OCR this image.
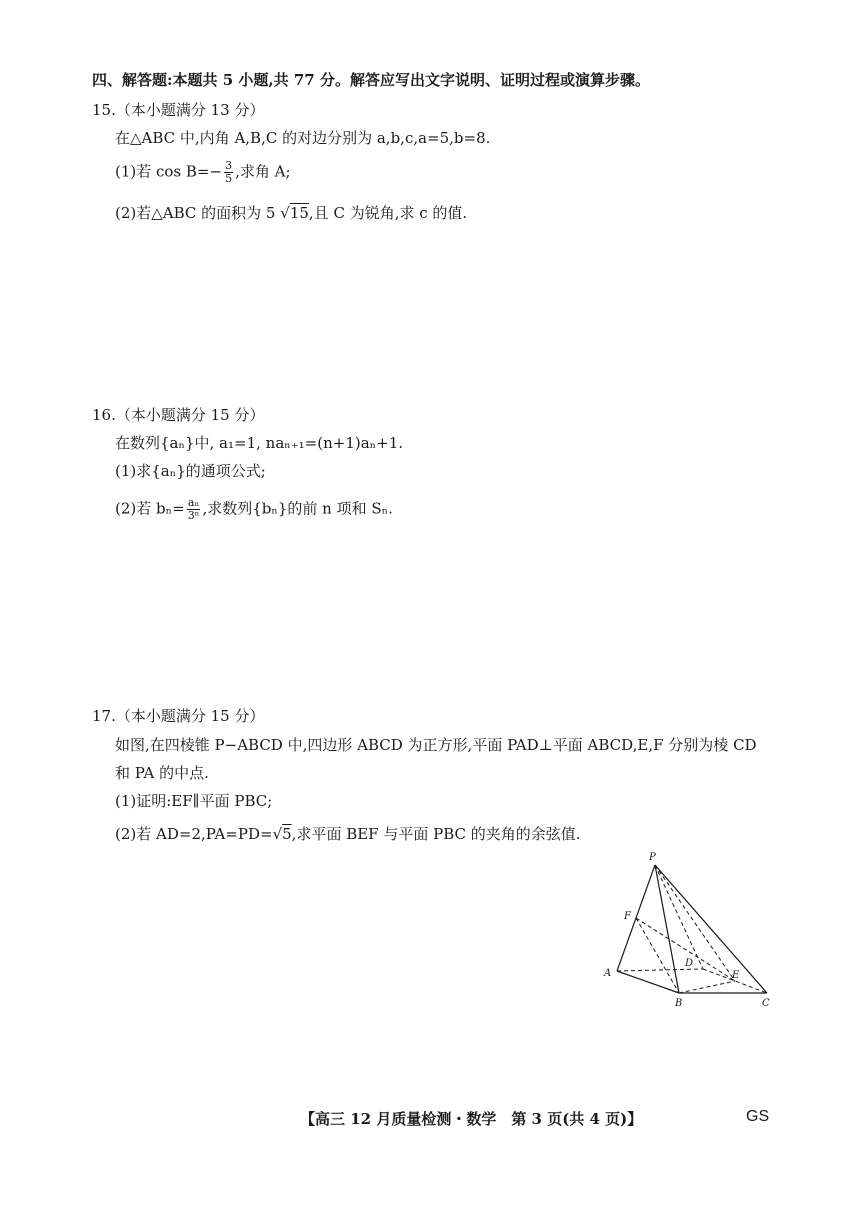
四、解答题:本题共 5 小题,共 77 分。解答应写出文字说明、证明过程或演算步骤。
15.（本小题满分 13 分）
在△ABC 中,内角 A,B,C 的对边分别为 a,b,c,a=5,b=8.
(1)若 $\cos B=- \frac{3}{5}$ ,求角 A;
(2)若△ABC 的面积为 5 √15,且 C 为锐角,求 c 的值.
16.（本小题满分 15 分）
在数列{aₙ}中, a₁=1, naₙ₊₁=(n+1)aₙ+1.
(1)求{aₙ}的通项公式;
(2)若 $b_n= \frac{\text{aₙ}}{\text{3ⁿ}}$ ,求数列{bₙ}的前 n 项和 Sₙ.
17.（本小题满分 15 分）
如图,在四棱锥 P−ABCD 中,四边形 ABCD 为正方形,平面 PAD⊥平面 ABCD,E,F 分别为棱 CD
和 PA 的中点.
(1)证明:EF∥平面 PBC;
(2)若 AD=2,PA=PD=√5,求平面 BEF 与平面 PBC 的夹角的余弦值.
P
F
A
D
E
B	C
【高三 12 月质量检测・数学　第 3 页(共 4 页)】	GS
